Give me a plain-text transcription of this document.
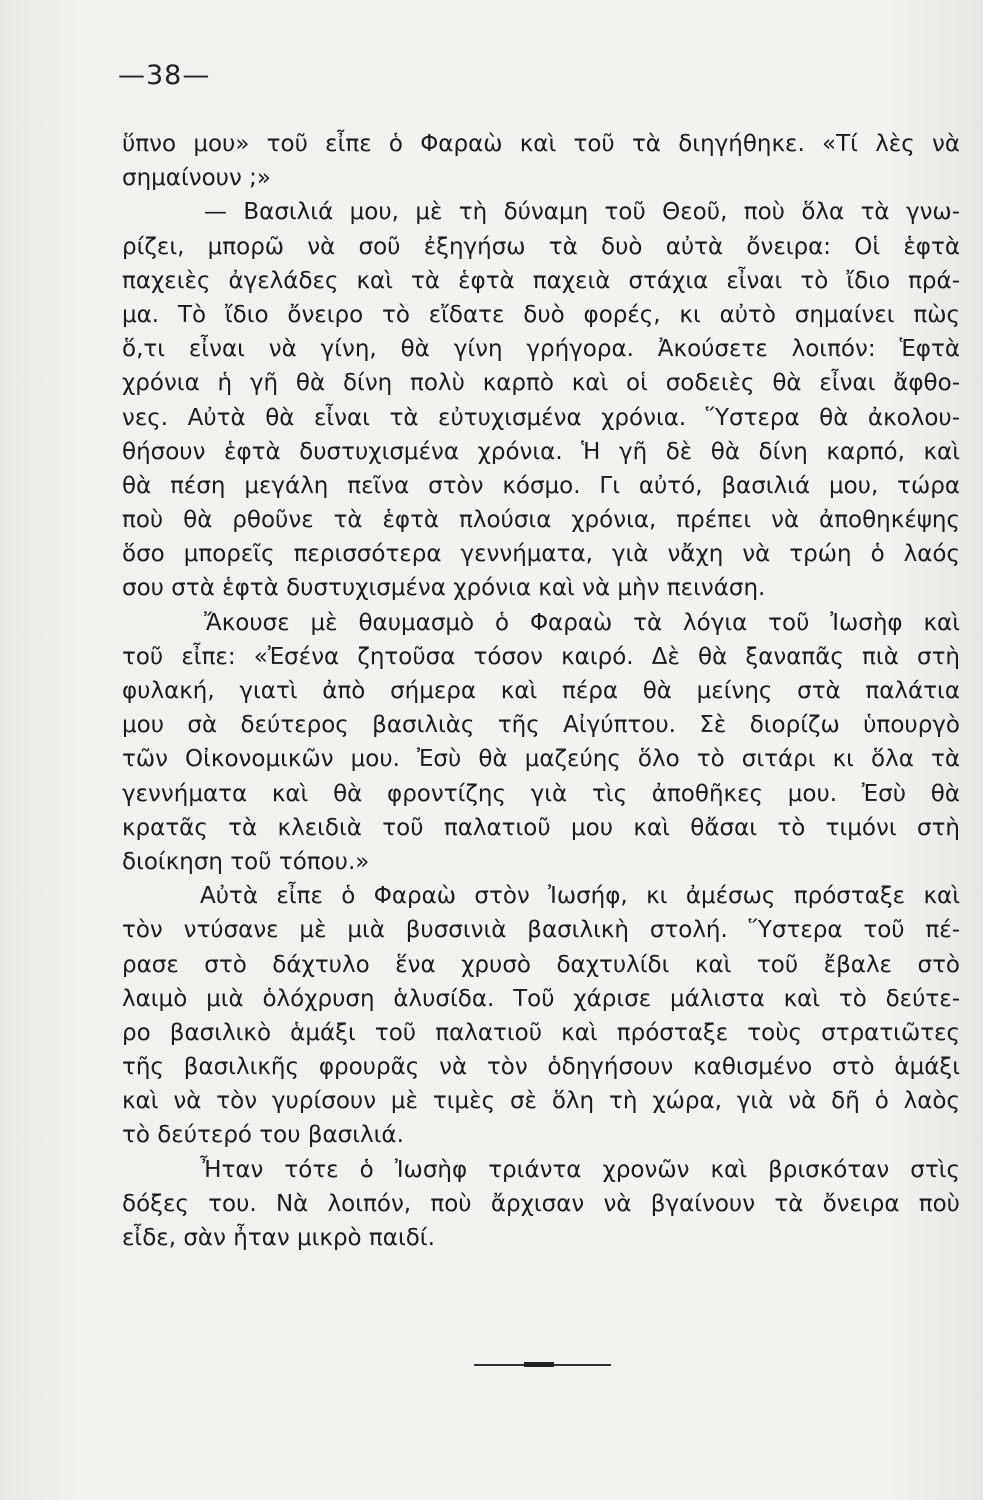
—38—
ὕπνο μου» τοῦ εἶπε ὁ Φαραὼ καὶ τοῦ τὰ διηγήθηκε. «Τί λὲς νὰ
σημαίνουν ;»
— Βασιλιά μου, μὲ τὴ δύναμη τοῦ Θεοῦ, ποὺ ὅλα τὰ γνω-
ρίζει, μπορῶ νὰ σοῦ ἐξηγήσω τὰ δυὸ αὐτὰ ὄνειρα: Οἱ ἑφτὰ
παχειὲς ἀγελάδες καὶ τὰ ἑφτὰ παχειὰ στάχια εἶναι τὸ ἴδιο πρά-
μα. Τὸ ἴδιο ὄνειρο τὸ εἴδατε δυὸ φορές, κι αὐτὸ σημαίνει πὼς
ὅ,τι εἶναι νὰ γίνη, θὰ γίνη γρήγορα. Ἀκούσετε λοιπόν: Ἑφτὰ
χρόνια ἡ γῆ θὰ δίνη πολὺ καρπὸ καὶ οἱ σοδειὲς θὰ εἶναι ἄφθο-
νες. Αὐτὰ θὰ εἶναι τὰ εὐτυχισμένα χρόνια. Ὕστερα θὰ ἀκολου-
θήσουν ἑφτὰ δυστυχισμένα χρόνια. Ἡ γῆ δὲ θὰ δίνη καρπό, καὶ
θὰ πέση μεγάλη πεῖνα στὸν κόσμο. Γι αὐτό, βασιλιά μου, τώρα
ποὺ θὰ ρθοῦνε τὰ ἑφτὰ πλούσια χρόνια, πρέπει νὰ ἀποθηκέψης
ὅσο μπορεῖς περισσότερα γεννήματα, γιὰ νἄχη νὰ τρώη ὁ λαός
σου στὰ ἑφτὰ δυστυχισμένα χρόνια καὶ νὰ μὴν πεινάση.
Ἄκουσε μὲ θαυμασμὸ ὁ Φαραὼ τὰ λόγια τοῦ Ἰωσὴφ καὶ
τοῦ εἶπε: «Ἐσένα ζητοῦσα τόσον καιρό. Δὲ θὰ ξαναπᾶς πιὰ στὴ
φυλακή, γιατὶ ἀπὸ σήμερα καὶ πέρα θὰ μείνης στὰ παλάτια
μου σὰ δεύτερος βασιλιὰς τῆς Αἰγύπτου. Σὲ διορίζω ὑπουργὸ
τῶν Οἰκονομικῶν μου. Ἐσὺ θὰ μαζεύης ὅλο τὸ σιτάρι κι ὅλα τὰ
γεννήματα καὶ θὰ φροντίζης γιὰ τὶς ἀποθῆκες μου. Ἐσὺ θὰ
κρατᾶς τὰ κλειδιὰ τοῦ παλατιοῦ μου καὶ θἄσαι τὸ τιμόνι στὴ
διοίκηση τοῦ τόπου.»
Αὐτὰ εἶπε ὁ Φαραὼ στὸν Ἰωσήφ, κι ἀμέσως πρόσταξε καὶ
τὸν ντύσανε μὲ μιὰ βυσσινιὰ βασιλικὴ στολή. Ὕστερα τοῦ πέ-
ρασε στὸ δάχτυλο ἕνα χρυσὸ δαχτυλίδι καὶ τοῦ ἔβαλε στὸ
λαιμὸ μιὰ ὁλόχρυση ἁλυσίδα. Τοῦ χάρισε μάλιστα καὶ τὸ δεύτε-
ρο βασιλικὸ ἁμάξι τοῦ παλατιοῦ καὶ πρόσταξε τοὺς στρατιῶτες
τῆς βασιλικῆς φρουρᾶς νὰ τὸν ὁδηγήσουν καθισμένο στὸ ἁμάξι
καὶ νὰ τὸν γυρίσουν μὲ τιμὲς σὲ ὅλη τὴ χώρα, γιὰ νὰ δῆ ὁ λαὸς
τὸ δεύτερό του βασιλιά.
Ἦταν τότε ὁ Ἰωσὴφ τριάντα χρονῶν καὶ βρισκόταν στὶς
δόξες του. Νὰ λοιπόν, ποὺ ἄρχισαν νὰ βγαίνουν τὰ ὄνειρα ποὺ
εἶδε, σὰν ἦταν μικρὸ παιδί.
